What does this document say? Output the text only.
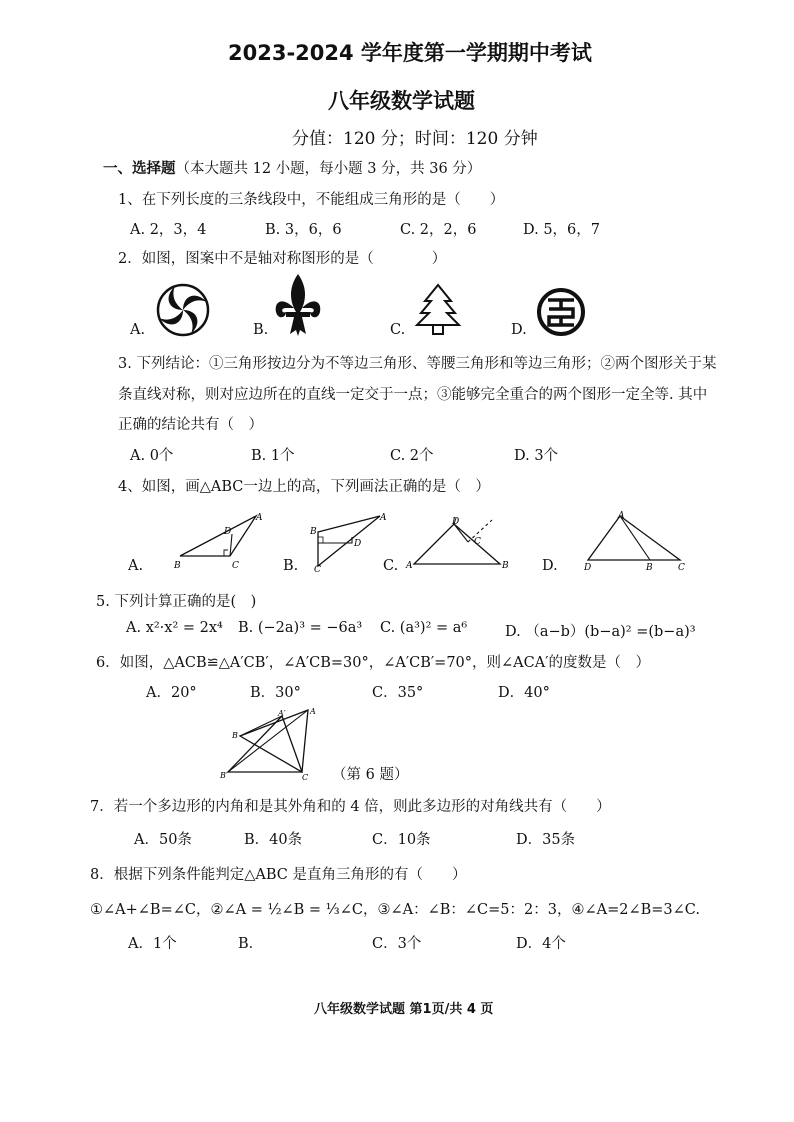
2023-2024 学年度第一学期期中考试
八年级数学试题
分值：120 分；时间：120 分钟
一、选择题（本大题共 12 小题，每小题 3 分，共 36 分）
1、在下列长度的三条线段中，不能组成三角形的是（　　）
A. 2，3，4	B. 3，6，6	C. 2，2，6	D. 5，6，7
2．如图，图案中不是轴对称图形的是（　　　　）
A.	B.	C.	D.
3. 下列结论：①三角形按边分为不等边三角形、等腰三角形和等边三角形；②两个图形关于某
条直线对称，则对应边所在的直线一定交于一点；③能够完全重合的两个图形一定全等. 其中
正确的结论共有（　）
A. 0个	B. 1个	C. 2个	D. 3个
4、如图，画△ABC一边上的高，下列画法正确的是（　）
A.	B.	C.	D.
B	C
A
D	B
C
A
D
A	B
C
D
A
B	C
D
5. 下列计算正确的是(　)
A. x²·x² = 2x⁴ B. (−2a)³ = −6a³ C. (a³)² = a⁶	D. （a−b）(b−a)² =(b−a)³
6．如图，△ACB≌△A′CB′，∠A′CB=30°，∠A′CB′=70°，则∠ACA′的度数是（　）
A．20°	B．30°	C．35°	D．40°
A
A′
B
B′	C （第 6 题）
7．若一个多边形的内角和是其外角和的 4 倍，则此多边形的对角线共有（　　）
A．50条	B．40条	C．10条	D．35条
8．根据下列条件能判定△ABC 是直角三角形的有（　　）
①∠A+∠B=∠C，②∠A = ½∠B = ⅓∠C，③∠A：∠B：∠C=5：2：3，④∠A=2∠B=3∠C.
A．1个	B．	C．3个	D．4个
八年级数学试题 第1页/共 4 页
